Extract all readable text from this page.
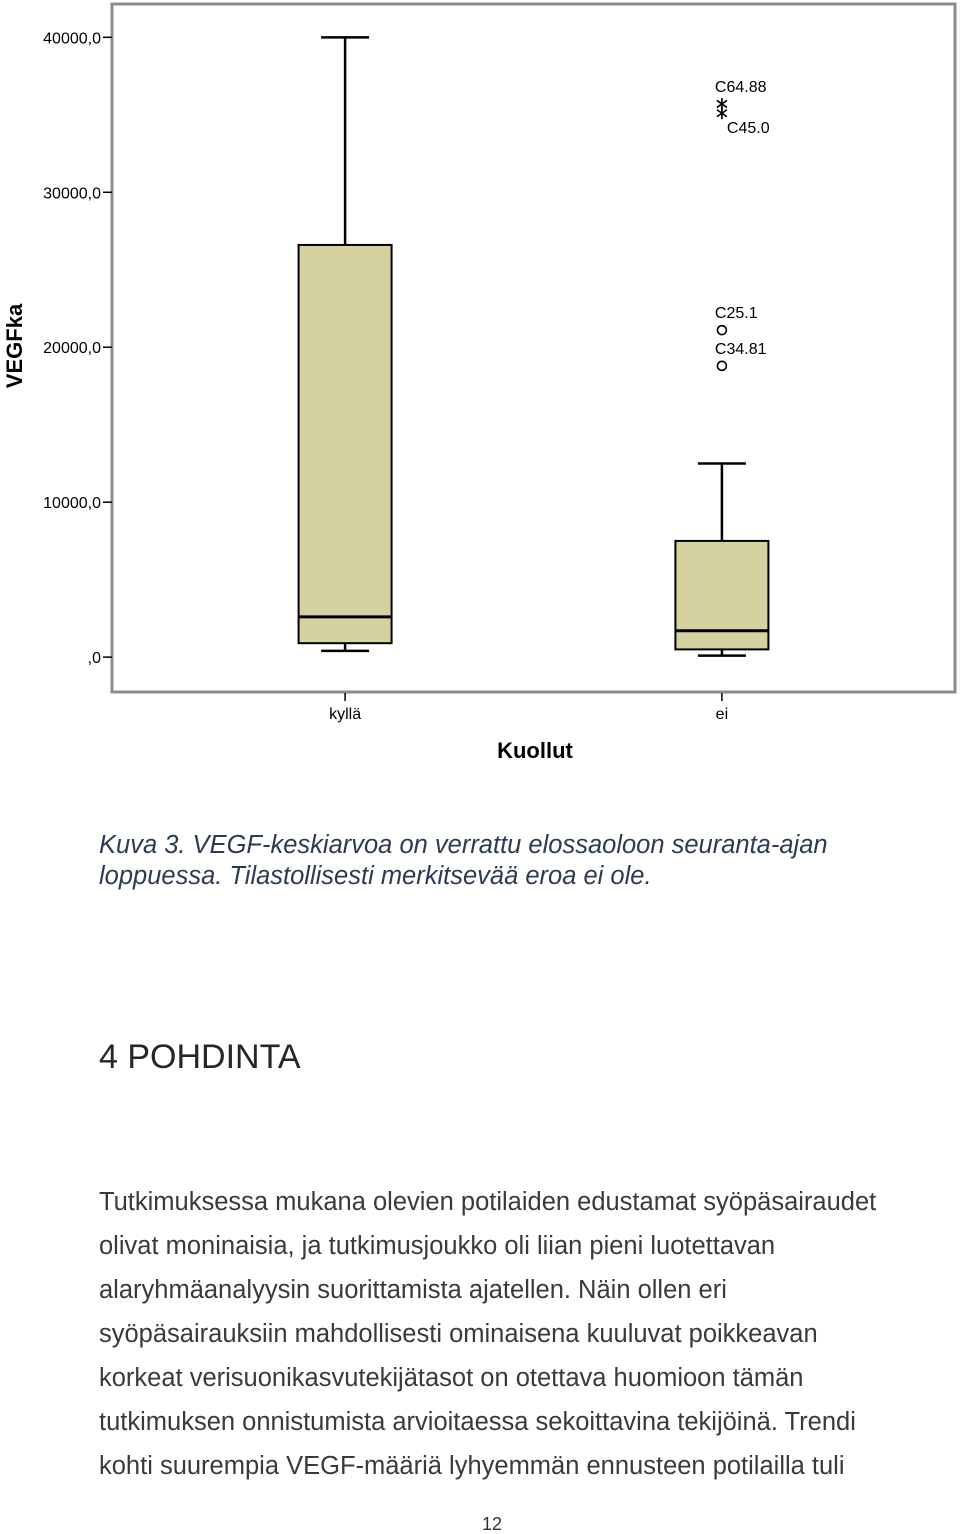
VEGFka
Kuollut
,0
10000,0
20000,0
30000,0
40000,0
kyllä	ei
C64.88
C45.0
C25.1
C34.81
Kuva 3. VEGF-keskiarvoa on verrattu elossaoloon seuranta-ajan
loppuessa. Tilastollisesti merkitsevää eroa ei ole.
4 POHDINTA
Tutkimuksessa mukana olevien potilaiden edustamat syöpäsairaudet
olivat moninaisia, ja tutkimusjoukko oli liian pieni luotettavan
alaryhmäanalyysin suorittamista ajatellen. Näin ollen eri
syöpäsairauksiin mahdollisesti ominaisena kuuluvat poikkeavan
korkeat verisuonikasvutekijätasot on otettava huomioon tämän
tutkimuksen onnistumista arvioitaessa sekoittavina tekijöinä. Trendi
kohti suurempia VEGF-määriä lyhyemmän ennusteen potilailla tuli
12
